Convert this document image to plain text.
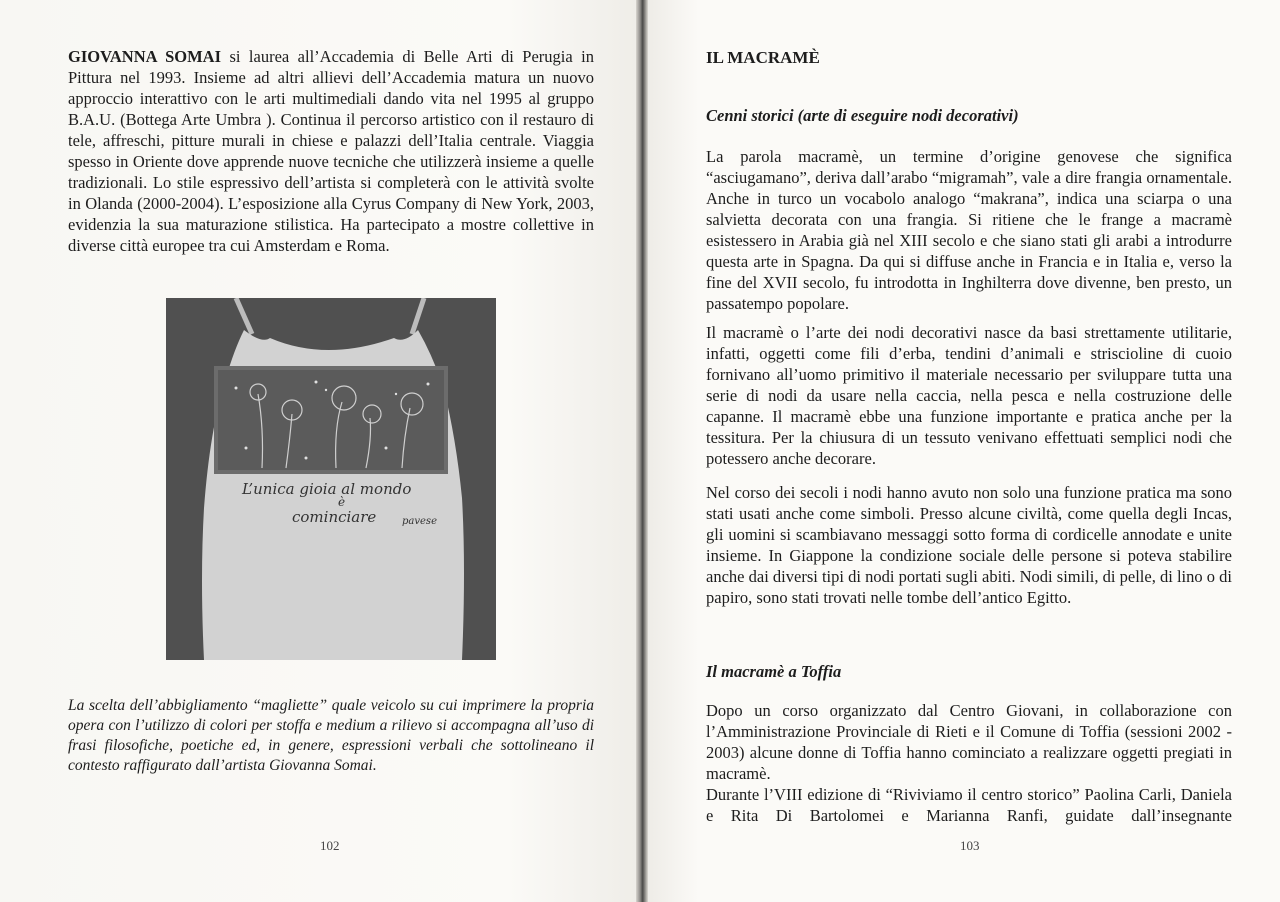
GIOVANNA SOMAI si laurea all’Accademia di Belle Arti di Perugia in Pittura nel 1993. Insieme ad altri allievi dell’Accademia matura un nuovo approccio interattivo con le arti multimediali dando vita nel 1995 al gruppo B.A.U. (Bottega Arte Umbra ). Continua il percorso artistico con il restauro di tele, affreschi, pitture murali in chiese e palazzi dell’Italia centrale. Viaggia spesso in Oriente dove apprende nuove tecniche che utilizzerà insieme a quelle tradizionali. Lo stile espressivo dell’artista si completerà con le attività svolte in Olanda (2000-2004). L’esposizione alla Cyrus Company di New York, 2003, evidenzia la sua maturazione stilistica. Ha partecipato a mostre collettive in diverse città europee tra cui Amsterdam e Roma.

L’unica gioia al mondo
è
cominciare	pavese

La scelta dell’abbigliamento “magliette” quale veicolo su cui imprimere la propria opera con l’utilizzo di colori per stoffa e medium a rilievo si accompagna all’uso di frasi filosofiche, poetiche ed, in genere, espressioni verbali che sottolineano il contesto raffigurato dall’artista Giovanna Somai.

102
IL MACRAMÈ
Cenni storici (arte di eseguire nodi decorativi)

La parola macramè, un termine d’origine genovese che significa “asciugamano”, deriva dall’arabo “migramah”, vale a dire frangia ornamentale. Anche in turco un vocabolo analogo “makrana”, indica una sciarpa o una salvietta decorata con una frangia. Si ritiene che le frange a macramè esistessero in Arabia già nel XIII secolo e che siano stati gli arabi a introdurre questa arte in Spagna. Da qui si diffuse anche in Francia e in Italia e, verso la fine del XVII secolo, fu introdotta in Inghilterra dove divenne, ben presto, un passatempo popolare.

Il macramè o l’arte dei nodi decorativi nasce da basi strettamente utilitarie, infatti, oggetti come fili d’erba, tendini d’animali e striscioline di cuoio fornivano all’uomo primitivo il materiale necessario per sviluppare tutta una serie di nodi da usare nella caccia, nella pesca e nella costruzione delle capanne. Il macramè ebbe una funzione importante e pratica anche per la tessitura. Per la chiusura di un tessuto venivano effettuati semplici nodi che potessero anche decorare.

Nel corso dei secoli i nodi hanno avuto non solo una funzione pratica ma sono stati usati anche come simboli. Presso alcune civiltà, come quella degli Incas, gli uomini si scambiavano messaggi sotto forma di cordicelle annodate e unite insieme. In Giappone la condizione sociale delle persone si poteva stabilire anche dai diversi tipi di nodi portati sugli abiti. Nodi simili, di pelle, di lino o di papiro, sono stati trovati nelle tombe dell’antico Egitto.

Il macramè a Toffia
Dopo un corso organizzato dal Centro Giovani, in collaborazione con l’Amministrazione Provinciale di Rieti e il Comune di Toffia (sessioni 2002 - 2003) alcune donne di Toffia hanno cominciato a realizzare oggetti pregiati in macramè.
Durante l’VIII edizione di “Riviviamo il centro storico” Paolina Carli, Daniela e Rita Di Bartolomei e Marianna Ranfi, guidate dall’insegnante
103
